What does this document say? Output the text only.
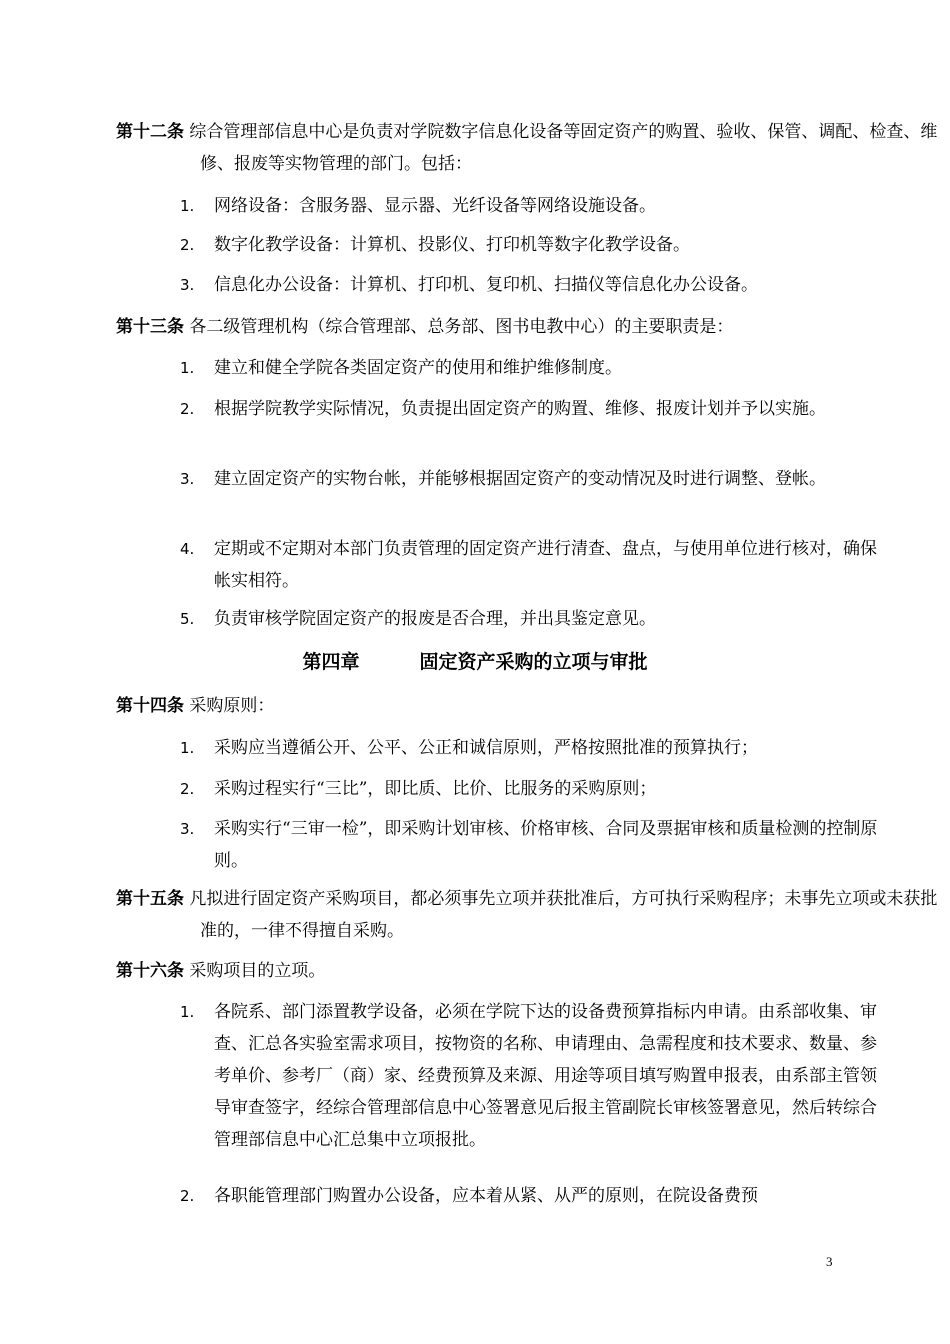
第十二条 综合管理部信息中心是负责对学院数字信息化设备等固定资产的购置、验收、保管、调配、检查、维修、报废等实物管理的部门。包括：
1. 网络设备：含服务器、显示器、光纤设备等网络设施设备。
2. 数字化教学设备：计算机、投影仪、打印机等数字化教学设备。
3. 信息化办公设备：计算机、打印机、复印机、扫描仪等信息化办公设备。
第十三条 各二级管理机构（综合管理部、总务部、图书电教中心）的主要职责是：
1. 建立和健全学院各类固定资产的使用和维护维修制度。
2. 根据学院教学实际情况，负责提出固定资产的购置、维修、报废计划并予以实施。
3. 建立固定资产的实物台帐，并能够根据固定资产的变动情况及时进行调整、登帐。
4. 定期或不定期对本部门负责管理的固定资产进行清查、盘点，与使用单位进行核对，确保帐实相符。
5. 负责审核学院固定资产的报废是否合理，并出具鉴定意见。
第四章	固定资产采购的立项与审批
第十四条 采购原则：
1. 采购应当遵循公开、公平、公正和诚信原则，严格按照批准的预算执行；
2. 采购过程实行“三比”，即比质、比价、比服务的采购原则；
3. 采购实行“三审一检”，即采购计划审核、价格审核、合同及票据审核和质量检测的控制原则。
第十五条 凡拟进行固定资产采购项目，都必须事先立项并获批准后，方可执行采购程序；未事先立项或未获批准的，一律不得擅自采购。
第十六条 采购项目的立项。
1. 各院系、部门添置教学设备，必须在学院下达的设备费预算指标内申请。由系部收集、审查、汇总各实验室需求项目，按物资的名称、申请理由、急需程度和技术要求、数量、参考单价、参考厂（商）家、经费预算及来源、用途等项目填写购置申报表，由系部主管领导审查签字，经综合管理部信息中心签署意见后报主管副院长审核签署意见，然后转综合管理部信息中心汇总集中立项报批。
2. 各职能管理部门购置办公设备，应本着从紧、从严的原则，在院设备费预
3
